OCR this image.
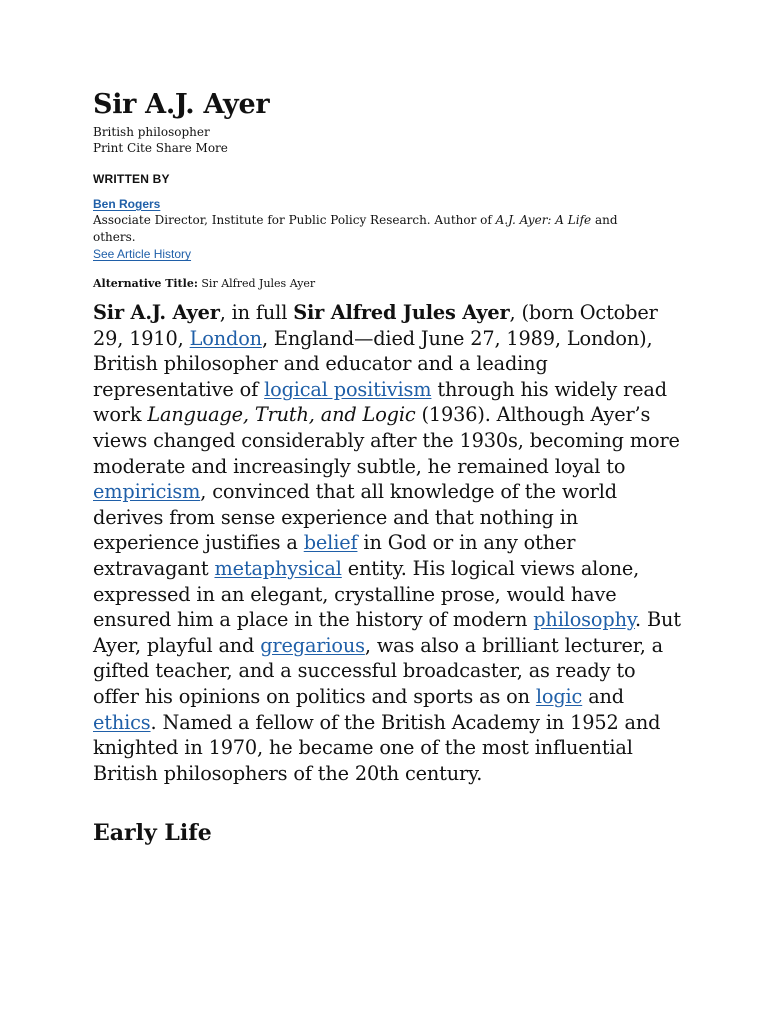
Sir A.J. Ayer
British philosopher
Print Cite Share More
WRITTEN BY
Ben Rogers
Associate Director, Institute for Public Policy Research. Author of A.J. Ayer: A Life and others.
See Article History
Alternative Title: Sir Alfred Jules Ayer
Sir A.J. Ayer, in full Sir Alfred Jules Ayer, (born October 29, 1910, London, England—died June 27, 1989, London), British philosopher and educator and a leading representative of logical positivism through his widely read work Language, Truth, and Logic (1936). Although Ayer’s views changed considerably after the 1930s, becoming more moderate and increasingly subtle, he remained loyal to empiricism, convinced that all knowledge of the world derives from sense experience and that nothing in experience justifies a belief in God or in any other extravagant metaphysical entity. His logical views alone, expressed in an elegant, crystalline prose, would have ensured him a place in the history of modern philosophy. But Ayer, playful and gregarious, was also a brilliant lecturer, a gifted teacher, and a successful broadcaster, as ready to offer his opinions on politics and sports as on logic and ethics. Named a fellow of the British Academy in 1952 and knighted in 1970, he became one of the most influential British philosophers of the 20th century.
Early Life
